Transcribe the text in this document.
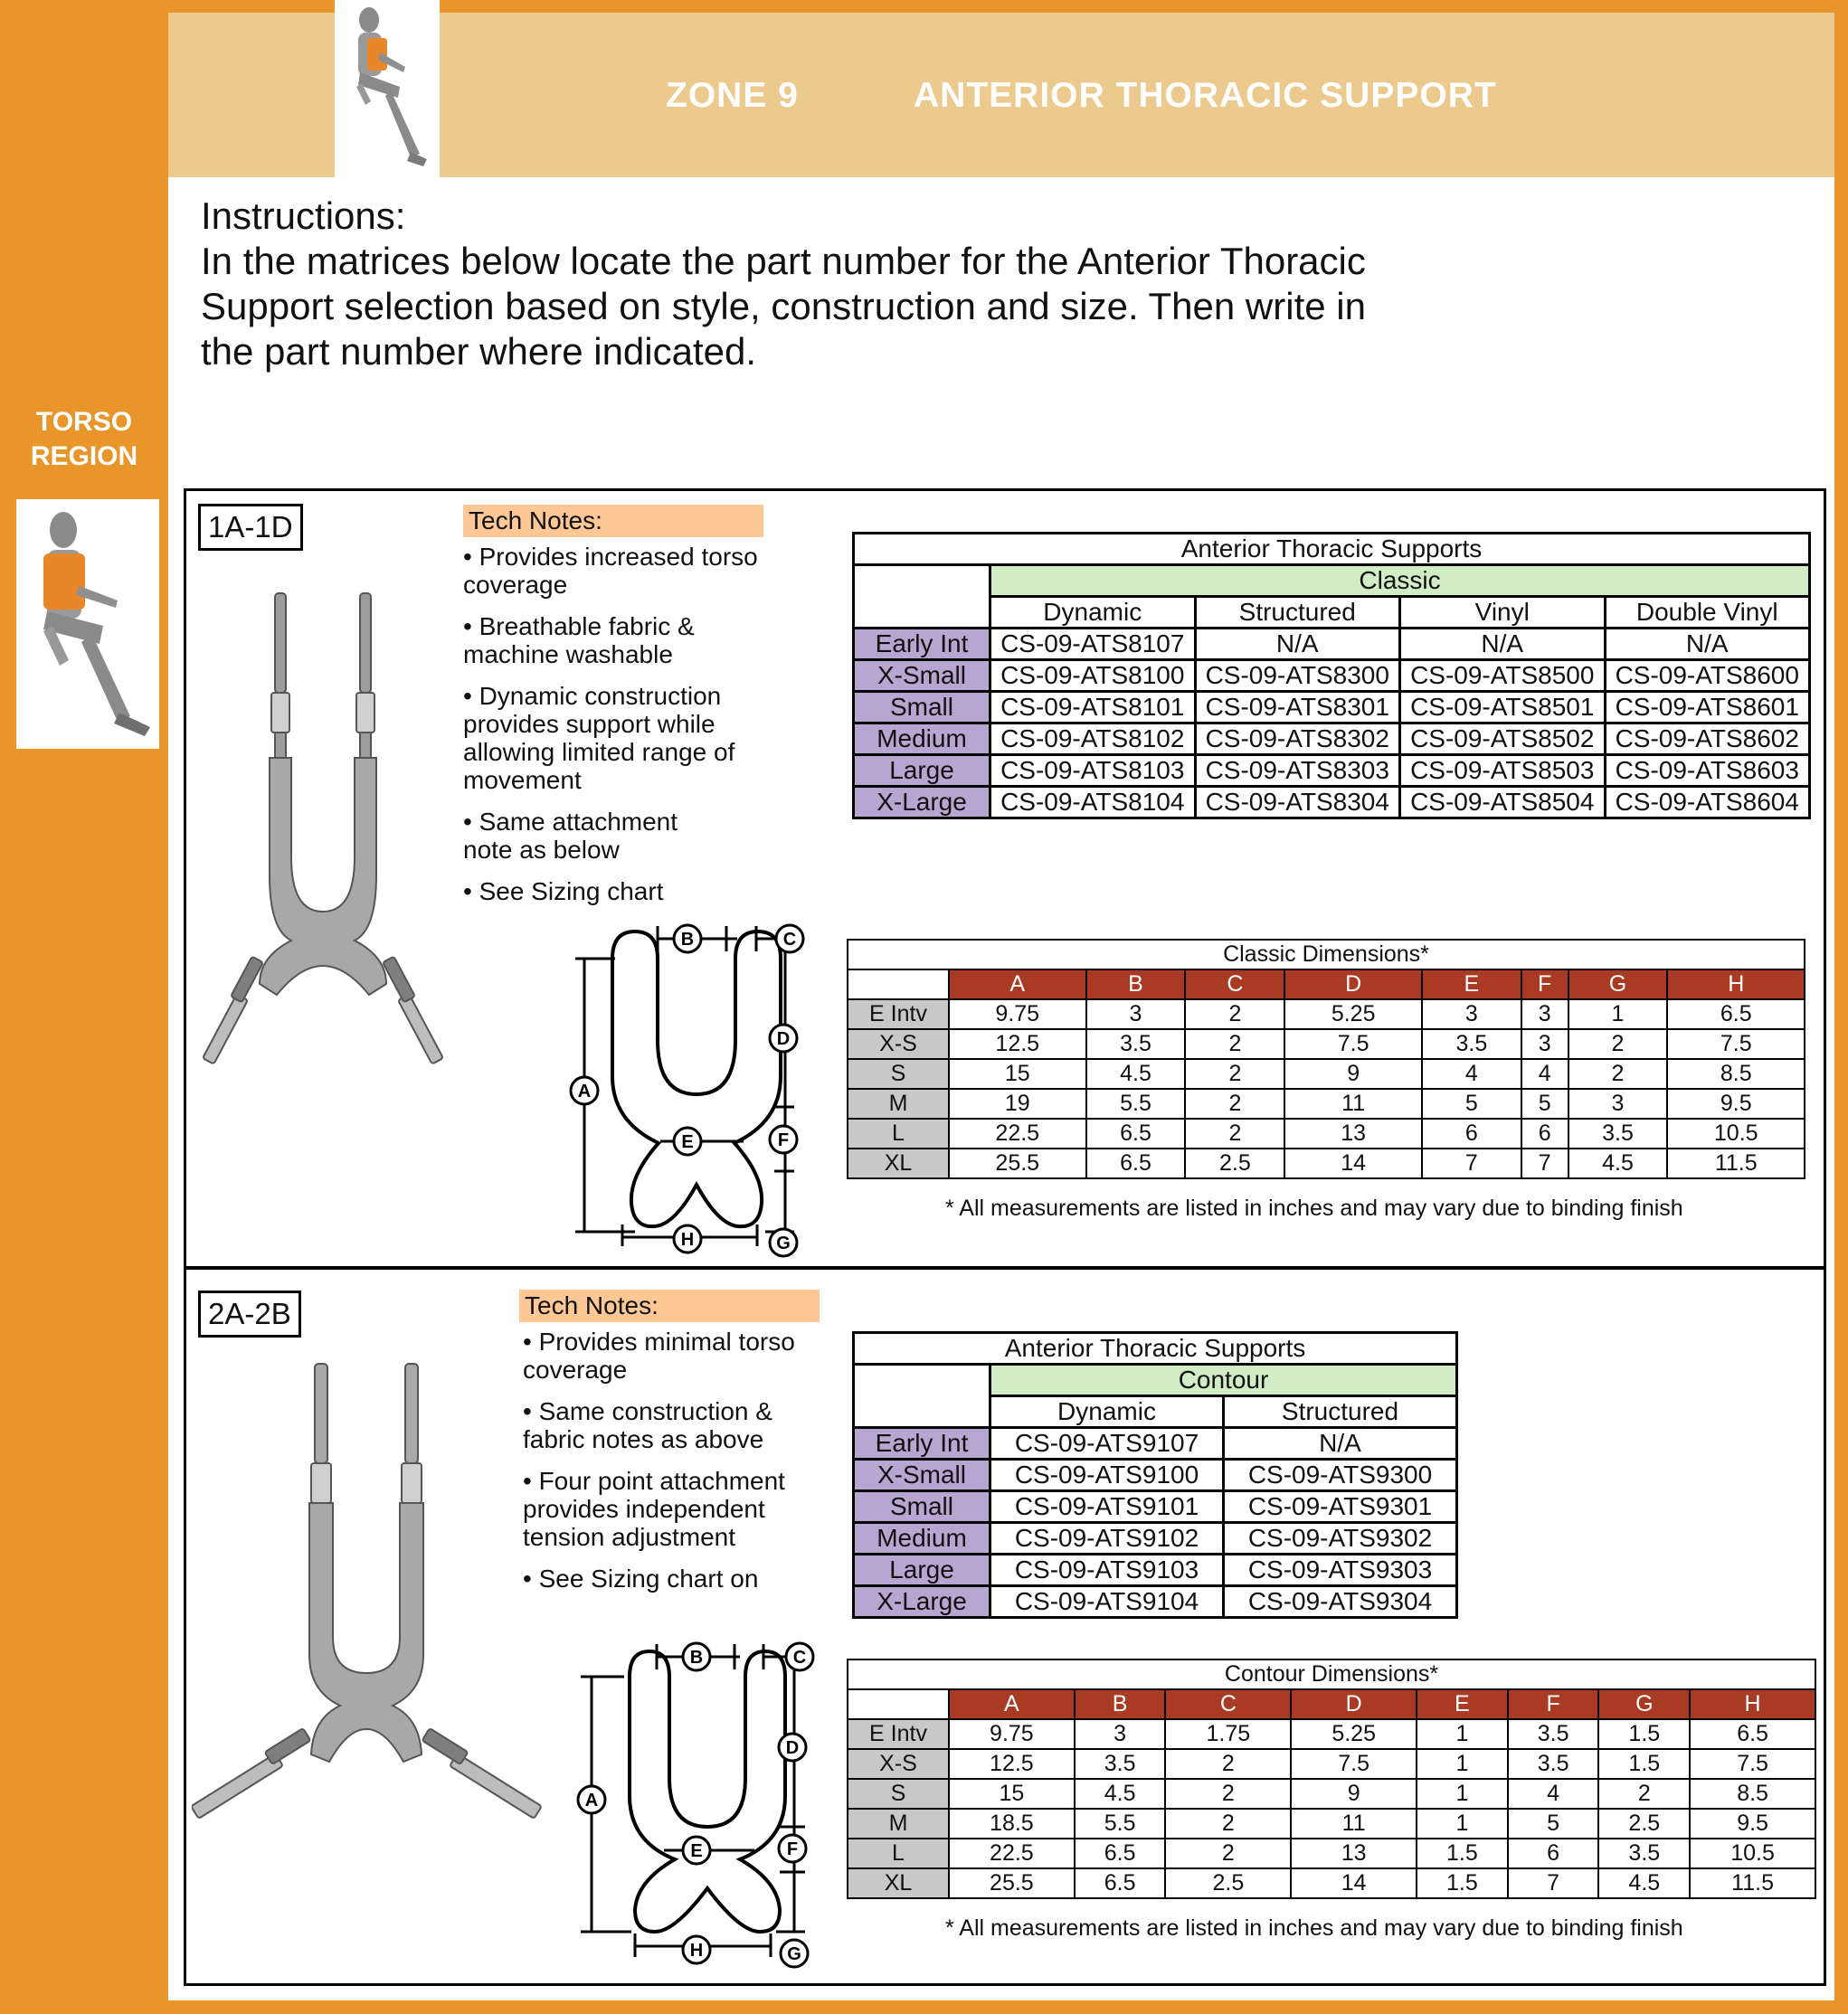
ZONE 9	ANTERIOR THORACIC SUPPORT
Instructions:
In the matrices below locate the part number for the Anterior Thoracic
Support selection based on style, construction and size. Then write in
the part number where indicated.
TORSO
REGION
1A-1D	Tech Notes:
• Provides increased torso
coverage
• Breathable fabric &
machine washable
• Dynamic construction
provides support while
allowing limited range of
movement
• Same attachment
note as below
• See Sizing chart
Anterior Thoracic Supports				
	Classic			
	Dynamic	Structured	Vinyl	Double Vinyl
Early Int	CS-09-ATS8107	N/A	N/A	N/A
X-Small	CS-09-ATS8100	CS-09-ATS8300	CS-09-ATS8500	CS-09-ATS8600
Small	CS-09-ATS8101	CS-09-ATS8301	CS-09-ATS8501	CS-09-ATS8601
Medium	CS-09-ATS8102	CS-09-ATS8302	CS-09-ATS8502	CS-09-ATS8602
Large	CS-09-ATS8103	CS-09-ATS8303	CS-09-ATS8503	CS-09-ATS8603
X-Large	CS-09-ATS8104	CS-09-ATS8304	CS-09-ATS8504	CS-09-ATS8604
Classic Dimensions*								
	A	B	C	D	E	F	G	H
E Intv	9.75	3	2	5.25	3	3	1	6.5
X-S	12.5	3.5	2	7.5	3.5	3	2	7.5
S	15	4.5	2	9	4	4	2	8.5
M	19	5.5	2	11	5	5	3	9.5
L	22.5	6.5	2	13	6	6	3.5	10.5
XL	25.5	6.5	2.5	14	7	7	4.5	11.5
* All measurements are listed in inches and may vary due to binding finish
A
B	C
D
E	F
G
H
2A-2B	Tech Notes:
• Provides minimal torso
coverage
• Same construction &
fabric notes as above
• Four point attachment
provides independent
tension adjustment
• See Sizing chart on
Anterior Thoracic Supports		
	Contour	
	Dynamic	Structured
Early Int	CS-09-ATS9107	N/A
X-Small	CS-09-ATS9100	CS-09-ATS9300
Small	CS-09-ATS9101	CS-09-ATS9301
Medium	CS-09-ATS9102	CS-09-ATS9302
Large	CS-09-ATS9103	CS-09-ATS9303
X-Large	CS-09-ATS9104	CS-09-ATS9304
Contour Dimensions*								
	A	B	C	D	E	F	G	H
E Intv	9.75	3	1.75	5.25	1	3.5	1.5	6.5
X-S	12.5	3.5	2	7.5	1	3.5	1.5	7.5
S	15	4.5	2	9	1	4	2	8.5
M	18.5	5.5	2	11	1	5	2.5	9.5
L	22.5	6.5	2	13	1.5	6	3.5	10.5
XL	25.5	6.5	2.5	14	1.5	7	4.5	11.5
* All measurements are listed in inches and may vary due to binding finish
A
B	C
D
E	F
G
H
